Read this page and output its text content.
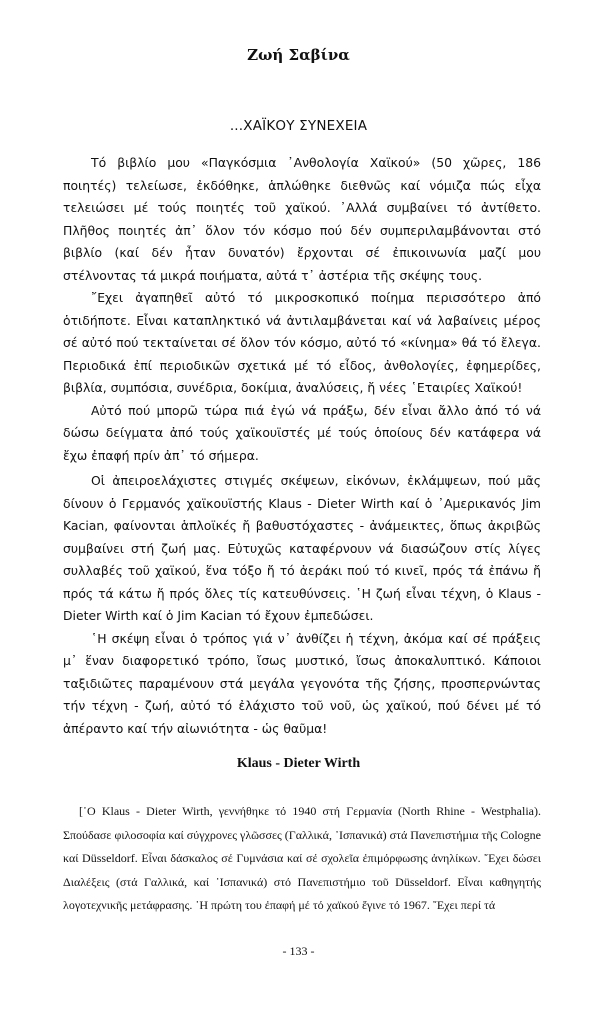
Ζωή Σαβίνα
...ΧΑΪΚΟΥ ΣΥΝΕΧΕΙΑ

Τό βιβλίο μου «Παγκόσμια ᾽Ανθολογία Χαϊκού» (50 χῶρες, 186 ποιητές) τελείωσε, ἐκδόθηκε, ἁπλώθηκε διεθνῶς καί νόμιζα πώς εἶχα τελειώσει μέ τούς ποιητές τοῦ χαϊκού. ᾽Αλλά συμβαίνει τό ἀντίθετο. Πλῆθος ποιητές ἀπ᾽ ὅλον τόν κόσμο πού δέν συμπεριλαμβάνονται στό βιβλίο (καί δέν ἦταν δυνατόν) ἔρχονται σέ ἐπικοινωνία μαζί μου στέλνοντας τά μικρά ποιήματα, αὐτά τ᾽ ἀστέρια τῆς σκέψης τους.

῎Εχει ἀγαπηθεῖ αὐτό τό μικροσκοπικό ποίημα περισσότερο ἀπό ὁτιδήποτε. Εἶναι καταπληκτικό νά ἀντιλαμβάνεται καί νά λαβαίνεις μέρος σέ αὐτό πού τεκταίνεται σέ ὅλον τόν κόσμο, αὐτό τό «κίνημα» θά τό ἔλεγα. Περιοδικά ἐπί περιοδικῶν σχετικά μέ τό εἶδος, ἀνθολογίες, ἐφημερίδες, βιβλία, συμπόσια, συνέδρια, δοκίμια, ἀναλύσεις, ἤ νέες ῾Εταιρίες Χαϊκού!

Αὐτό πού μπορῶ τώρα πιά ἐγώ νά πράξω, δέν εἶναι ἄλλο ἀπό τό νά δώσω δείγματα ἀπό τούς χαϊκουϊστές μέ τούς ὁποίους δέν κατάφερα νά ἔχω ἐπαφή πρίν ἀπ᾽ τό σήμερα.

Οἱ ἀπειροελάχιστες στιγμές σκέψεων, εἰκόνων, ἐκλάμψεων, πού μᾶς δίνουν ὁ Γερμανός χαϊκουϊστής Klaus - Dieter Wirth καί ὁ ᾽Αμερικανός Jim Kacian, φαίνονται ἁπλοϊκές ἤ βαθυστόχαστες - ἀνάμεικτες, ὅπως ἀκριβῶς συμβαίνει στή ζωή μας. Εὐτυχῶς καταφέρνουν νά διασώζουν στίς λίγες συλλαβές τοῦ χαϊκού, ἕνα τόξο ἤ τό ἀεράκι πού τό κινεῖ, πρός τά ἐπάνω ἤ πρός τά κάτω ἤ πρός ὅλες τίς κατευθύνσεις. ῾Η ζωή εἶναι τέχνη, ὁ Klaus - Dieter Wirth καί ὁ Jim Kacian τό ἔχουν ἐμπεδώσει.

῾Η σκέψη εἶναι ὁ τρόπος γιά ν᾽ ἀνθίζει ἡ τέχνη, ἀκόμα καί σέ πράξεις μ᾽ ἕναν διαφορετικό τρόπο, ἴσως μυστικό, ἴσως ἀποκαλυπτικό. Κάποιοι ταξιδιῶτες παραμένουν στά μεγάλα γεγονότα τῆς ζήσης, προσπερνώντας τήν τέχνη - ζωή, αὐτό τό ἐλάχιστο τοῦ νοῦ, ὡς χαϊκού, πού δένει μέ τό ἀπέραντο καί τήν αἰωνιότητα - ὡς θαῦμα!

Klaus - Dieter Wirth

[῾Ο Klaus - Dieter Wirth, γεννήθηκε τό 1940 στή Γερμανία (North Rhine - Westphalia). Σπούδασε φιλοσοφία καί σύγχρονες γλῶσσες (Γαλλικά, ᾽Ισπανικά) στά Πανεπιστήμια τῆς Cologne καί Düsseldorf. Εἶναι δάσκαλος σέ Γυμνάσια καί σέ σχολεῖα ἐπιμόρφωσης ἀνηλίκων. ῎Εχει δώσει Διαλέξεις (στά Γαλλικά, καί ᾽Ισπανικά) στό Πανεπιστήμιο τοῦ Düsseldorf. Εἶναι καθηγητής λογοτεχνικῆς μετάφρασης. ῾Η πρώτη του ἐπαφή μέ τό χαϊκού ἔγινε τό 1967. ῎Εχει περί τά

- 133 -
